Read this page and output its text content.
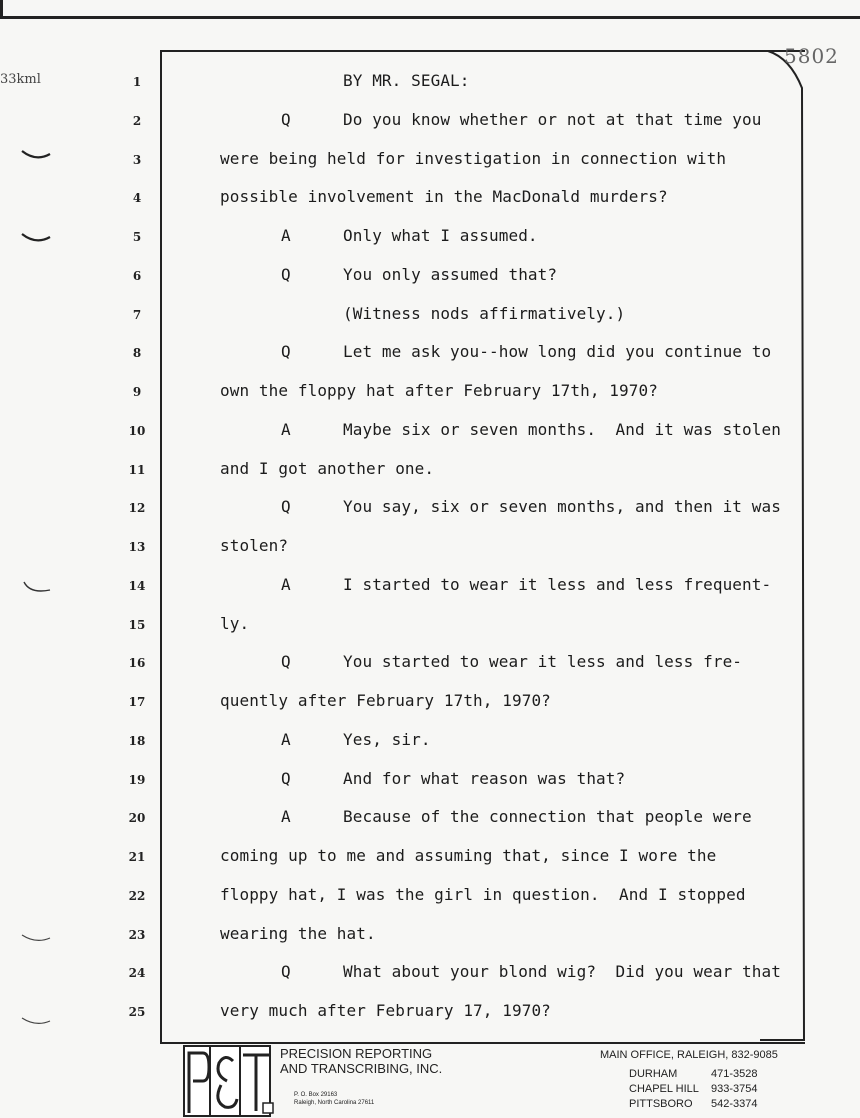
33kml
5802
1	BY MR. SEGAL:
2	Q	Do you know whether or not at that time you
3	were being held for investigation in connection with
4	possible involvement in the MacDonald murders?
5	A	Only what I assumed.
6	Q	You only assumed that?
7	(Witness nods affirmatively.)
8	Q	Let me ask you--how long did you continue to
9	own the floppy hat after February 17th, 1970?
10	A	Maybe six or seven months.  And it was stolen
11	and I got another one.
12	Q	You say, six or seven months, and then it was
13	stolen?
14	A	I started to wear it less and less frequent-
15	ly.
16	Q	You started to wear it less and less fre-
17	quently after February 17th, 1970?
18	A	Yes, sir.
19	Q	And for what reason was that?
20	A	Because of the connection that people were
21	coming up to me and assuming that, since I wore the
22	floppy hat, I was the girl in question.  And I stopped
23	wearing the hat.
24	Q	What about your blond wig?  Did you wear that
25	very much after February 17, 1970?
PRECISION REPORTING
AND TRANSCRIBING, INC.
P. O. Box 29163
Raleigh, North Carolina 27611
MAIN OFFICE, RALEIGH, 832-9085
DURHAM	471-3528
CHAPEL HILL 933-3754
PITTSBORO 542-3374
